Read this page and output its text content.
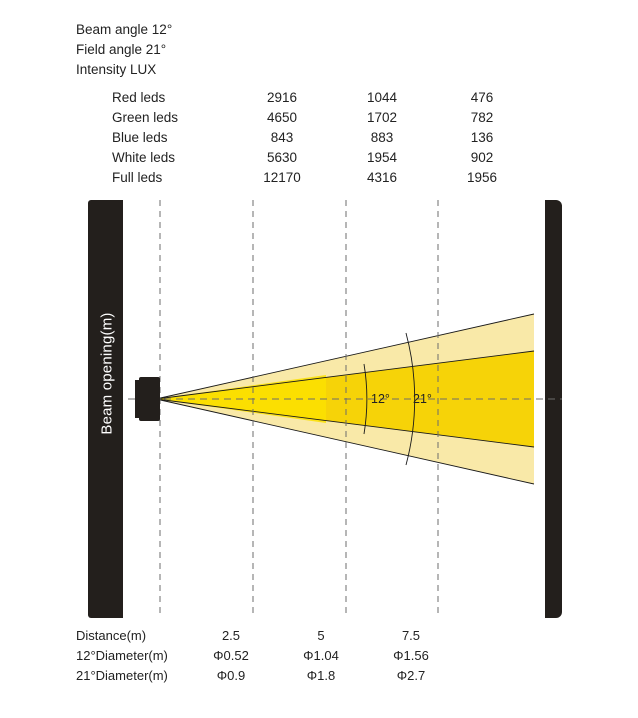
Beam angle 12°
Field angle 21°
Intensity LUX
Red leds	2916	1044	476
Green leds	4650	1702	782
Blue leds	843	883	136
White leds	5630	1954	902
Full leds	12170	4316	1956
Beam opening(m)	12° 21°
Distance(m)	2.5	5	7.5
12°Diameter(m)	Φ0.52	Φ1.04	Φ1.56
21°Diameter(m)	Φ0.9	Φ1.8	Φ2.7
